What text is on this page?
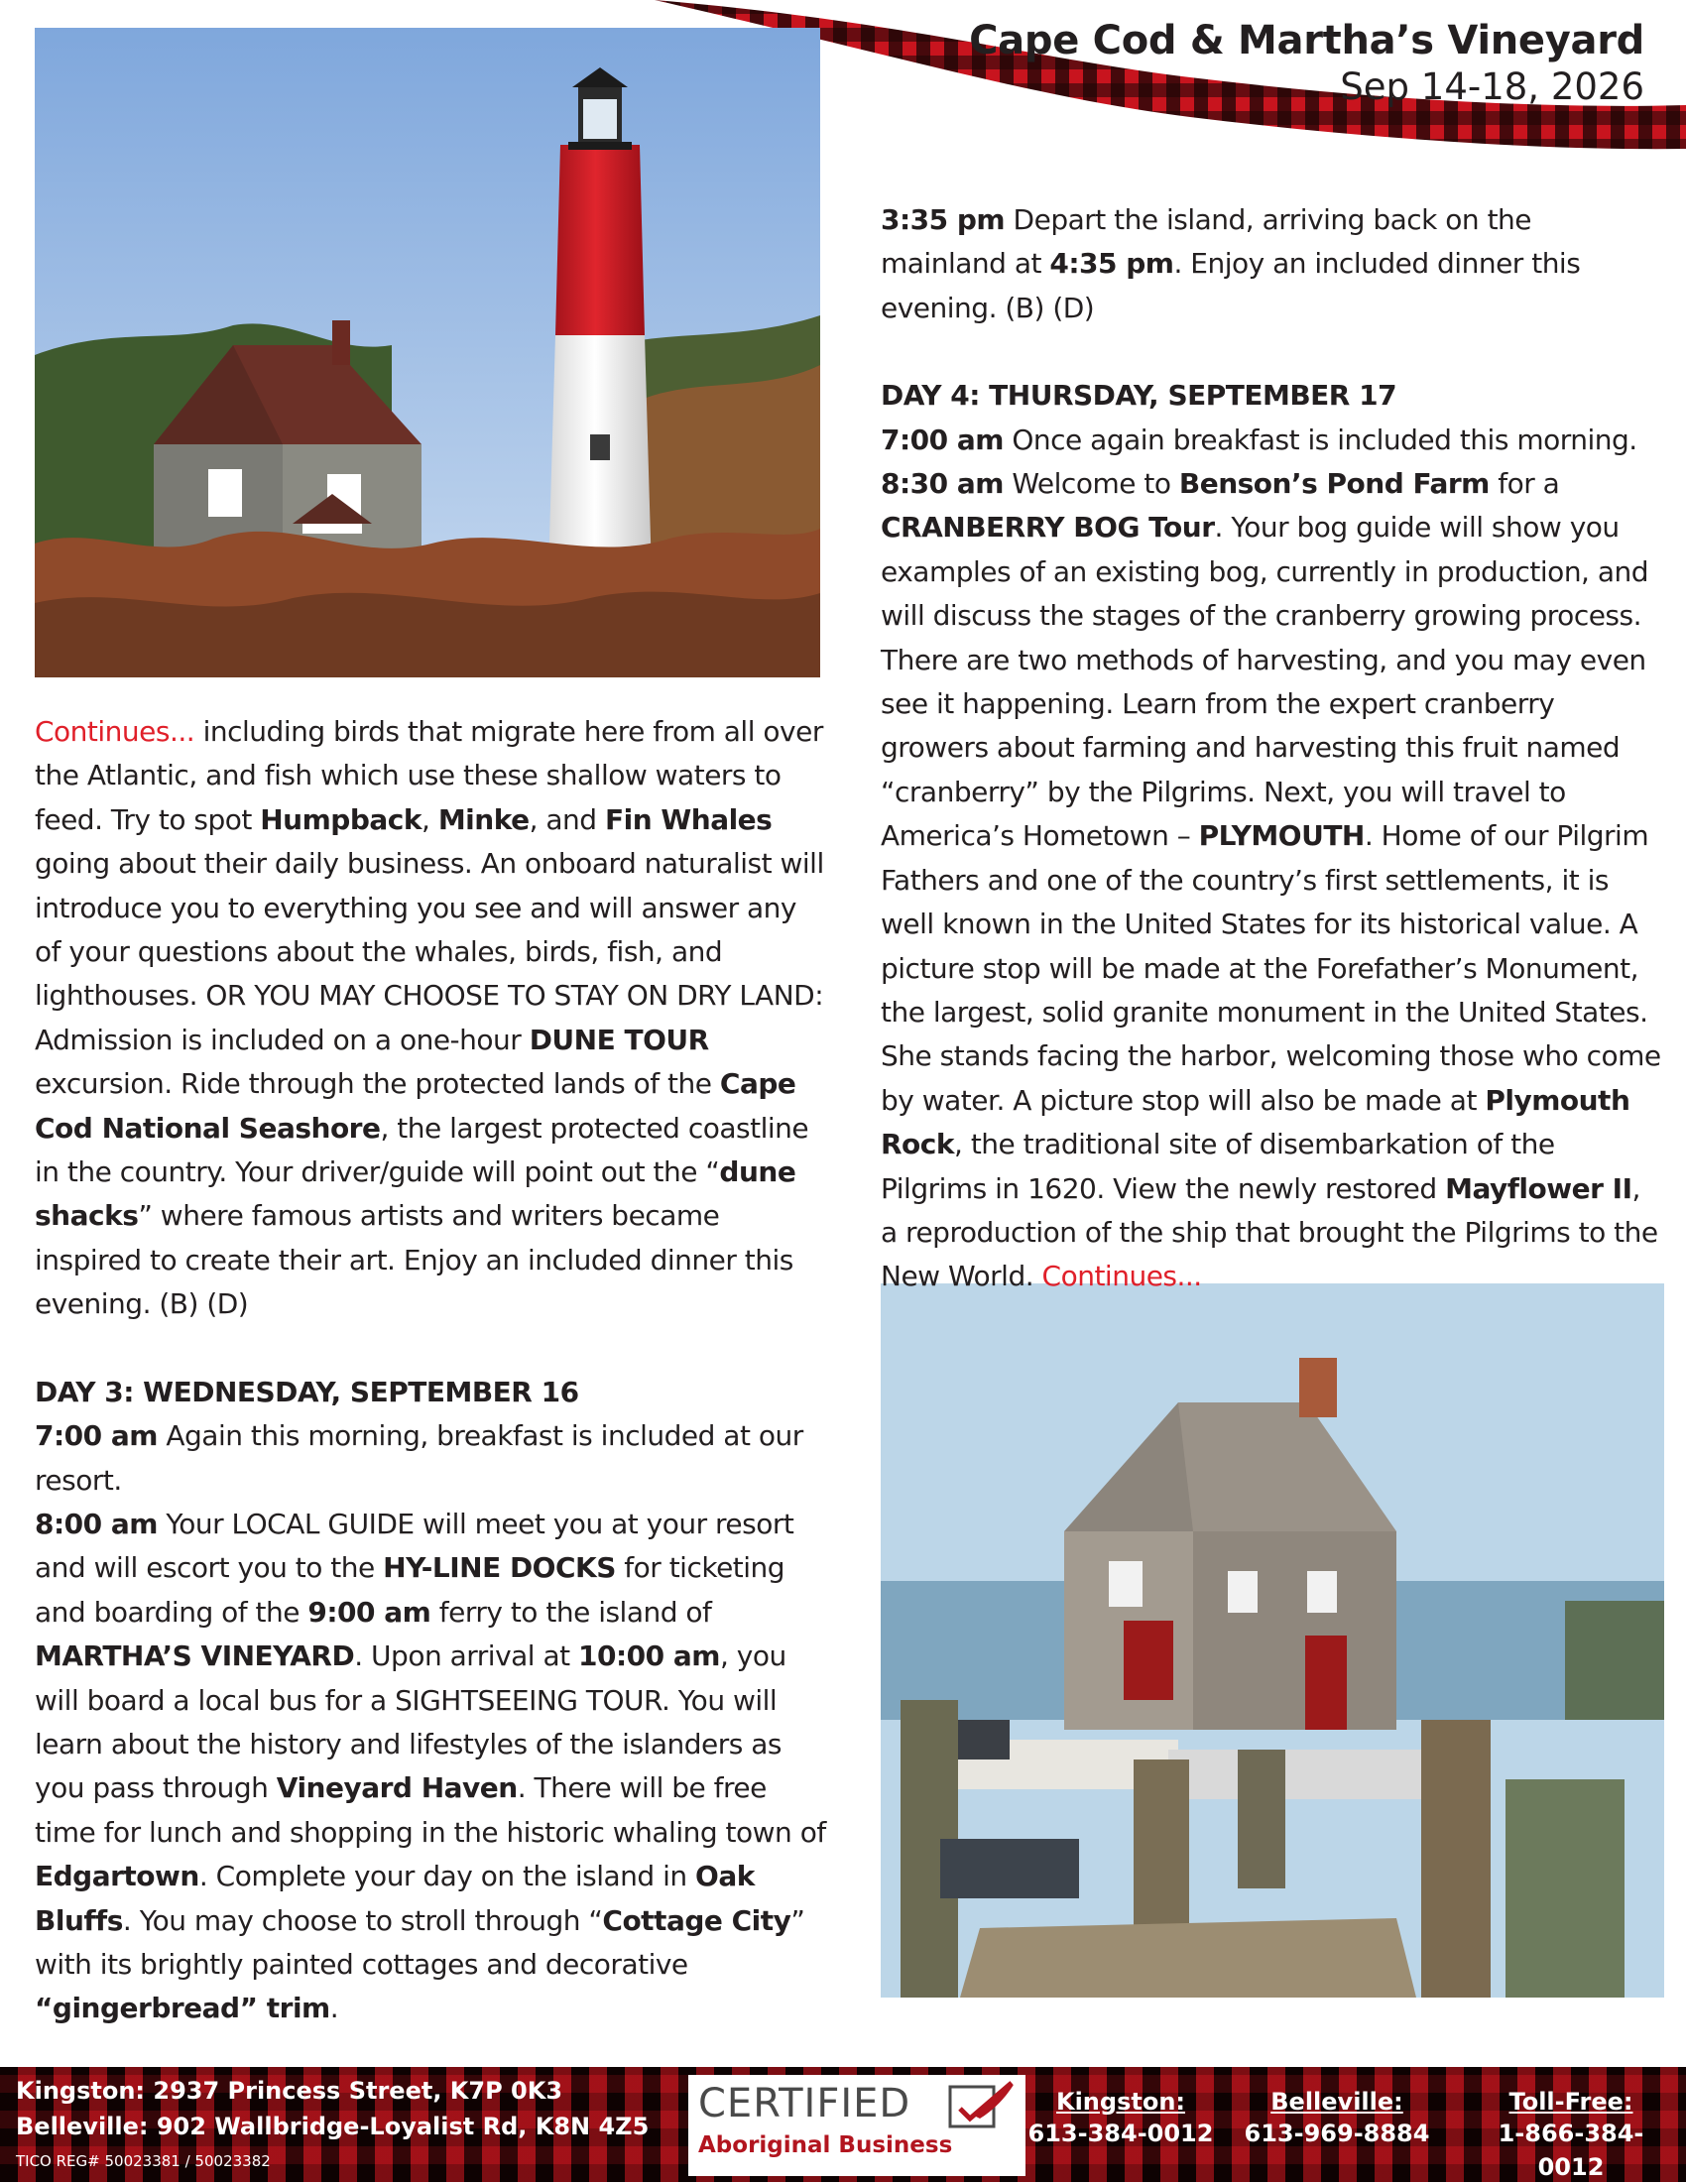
Cape Cod & Martha’s Vineyard
Sep 14-18, 2026

Continues... including birds that migrate here from all over the Atlantic, and fish which use these shallow waters to feed. Try to spot Humpback, Minke, and Fin Whales going about their daily business. An onboard naturalist will introduce you to everything you see and will answer any of your questions about the whales, birds, fish, and lighthouses. OR YOU MAY CHOOSE TO STAY ON DRY LAND: Admission is included on a one-hour DUNE TOUR excursion. Ride through the protected lands of the Cape Cod National Seashore, the largest protected coastline in the country. Your driver/guide will point out the “dune shacks” where famous artists and writers became inspired to create their art. Enjoy an included dinner this evening. (B) (D)

DAY 3: WEDNESDAY, SEPTEMBER 16

7:00 am Again this morning, breakfast is included at our resort.

8:00 am Your LOCAL GUIDE will meet you at your resort and will escort you to the HY-LINE DOCKS for ticketing and boarding of the 9:00 am ferry to the island of MARTHA’S VINEYARD. Upon arrival at 10:00 am, you will board a local bus for a SIGHTSEEING TOUR. You will learn about the history and lifestyles of the islanders as you pass through Vineyard Haven. There will be free time for lunch and shopping in the historic whaling town of Edgartown. Complete your day on the island in Oak Bluffs. You may choose to stroll through “Cottage City” with its brightly painted cottages and decorative “gingerbread” trim.

3:35 pm Depart the island, arriving back on the mainland at 4:35 pm. Enjoy an included dinner this evening. (B) (D)

DAY 4: THURSDAY, SEPTEMBER 17

7:00 am Once again breakfast is included this morning.

8:30 am Welcome to Benson’s Pond Farm for a CRANBERRY BOG Tour. Your bog guide will show you examples of an existing bog, currently in production, and will discuss the stages of the cranberry growing process. There are two methods of harvesting, and you may even see it happening. Learn from the expert cranberry growers about farming and harvesting this fruit named “cranberry” by the Pilgrims. Next, you will travel to America’s Hometown – PLYMOUTH. Home of our Pilgrim Fathers and one of the country’s first settlements, it is well known in the United States for its historical value. A picture stop will be made at the Forefather’s Monument, the largest, solid granite monument in the United States. She stands facing the harbor, welcoming those who come by water. A picture stop will also be made at Plymouth Rock, the traditional site of disembarkation of the Pilgrims in 1620. View the newly restored Mayflower II, a reproduction of the ship that brought the Pilgrims to the New World. Continues...

Kingston: 2937 Princess Street, K7P 0K3
Belleville: 902 Wallbridge-Loyalist Rd, K8N 4Z5
TICO REG# 50023381 / 50023382
CERTIFIED
Aboriginal Business
Kingston:
613-384-0012
Belleville:
613-969-8884
Toll-Free:
1-866-384-0012
